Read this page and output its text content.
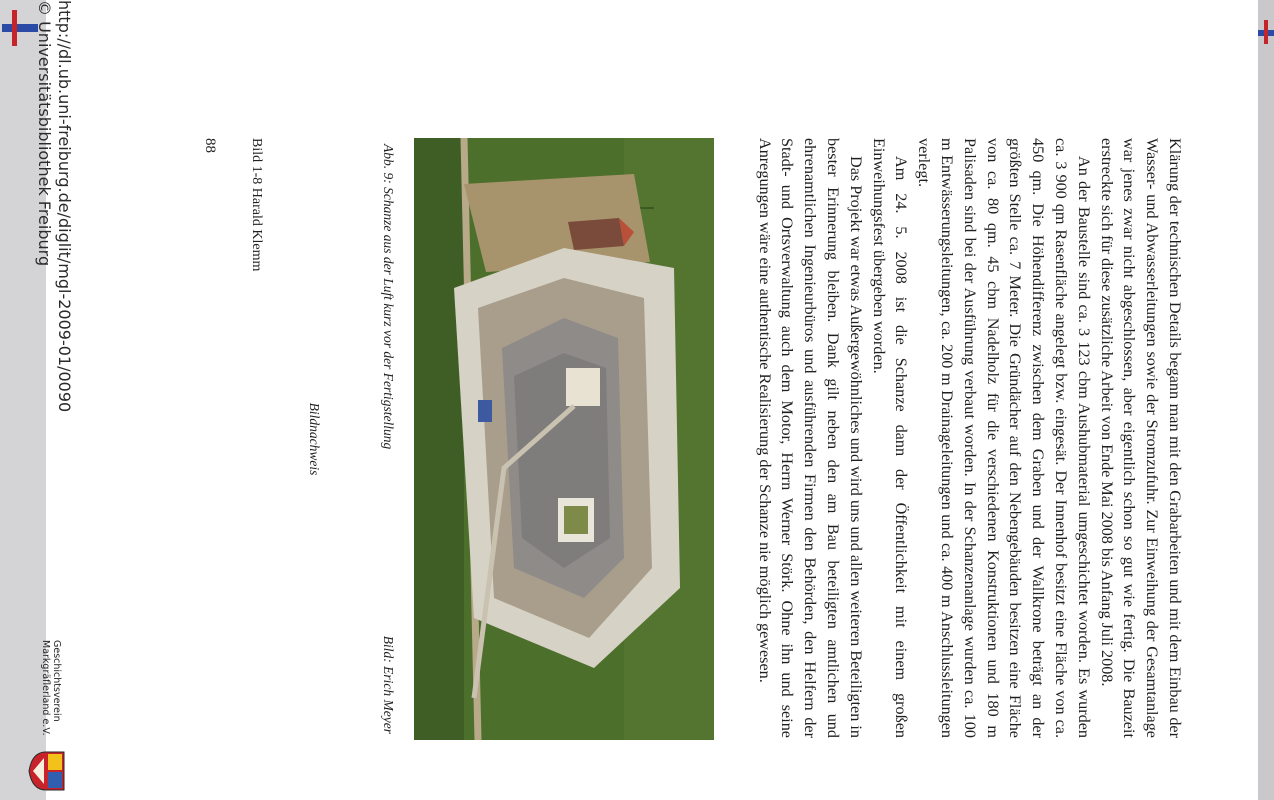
Klärung der technischen Details begann man mit den Grabarbeiten und mit dem Einbau der Wasser- und Abwasserleitungen sowie der Stromzufuhr. Zur Einweihung der Gesamtanlage war jenes zwar nicht abgeschlossen, aber eigentlich schon so gut wie fertig. Die Bauzeit erstreckte sich für diese zusätzliche Arbeit von Ende Mai 2008 bis Anfang Juli 2008.

An der Baustelle sind ca. 3 123 cbm Aushubmaterial umgeschichtet worden. Es wurden ca. 3 900 qm Rasenfläche angelegt bzw. eingesät. Der Innenhof besitzt eine Fläche von ca. 450 qm. Die Höhendifferenz zwischen dem Graben und der Wallkrone beträgt an der größten Stelle ca. 7 Meter. Die Gründächer auf den Nebengebäuden besitzen eine Fläche von ca. 80 qm. 45 cbm Nadelholz für die verschiedenen Konstruktionen und 180 m Palisaden sind bei der Ausführung verbaut worden. In der Schanzenanlage wurden ca. 100 m Entwässerungsleitungen, ca. 200 m Drainageleitungen und ca. 400 m Anschlussleitungen verlegt.

Am 24. 5. 2008 ist die Schanze dann der Öffentlichkeit mit einem großen Einweihungsfest übergeben worden.

Das Projekt war etwas Außergewöhnliches und wird uns und allen weiteren Beteiligten in bester Erinnerung bleiben. Dank gilt neben den am Bau beteiligten amtlichen und ehrenamtlichen Ingenieurbüros und ausführenden Firmen den Behörden, den Helfern der Stadt- und Ortsverwaltung auch dem Motor, Herrn Werner Störk. Ohne ihn und seine Anregungen wäre eine authentische Realisierung der Schanze nie möglich gewesen.

Abb. 9: Schanze aus der Luft kurz vor der Fertigstellung
Bild: Erich Meyer
Bildnachweis
Bild 1-8 Harald Klemm
88
http://dl.ub.uni-freiburg.de/diglit/mgl-2009-01/0090
© Universitätsbibliothek Freiburg
Geschichtsverein
Markgräflerland e.V.
